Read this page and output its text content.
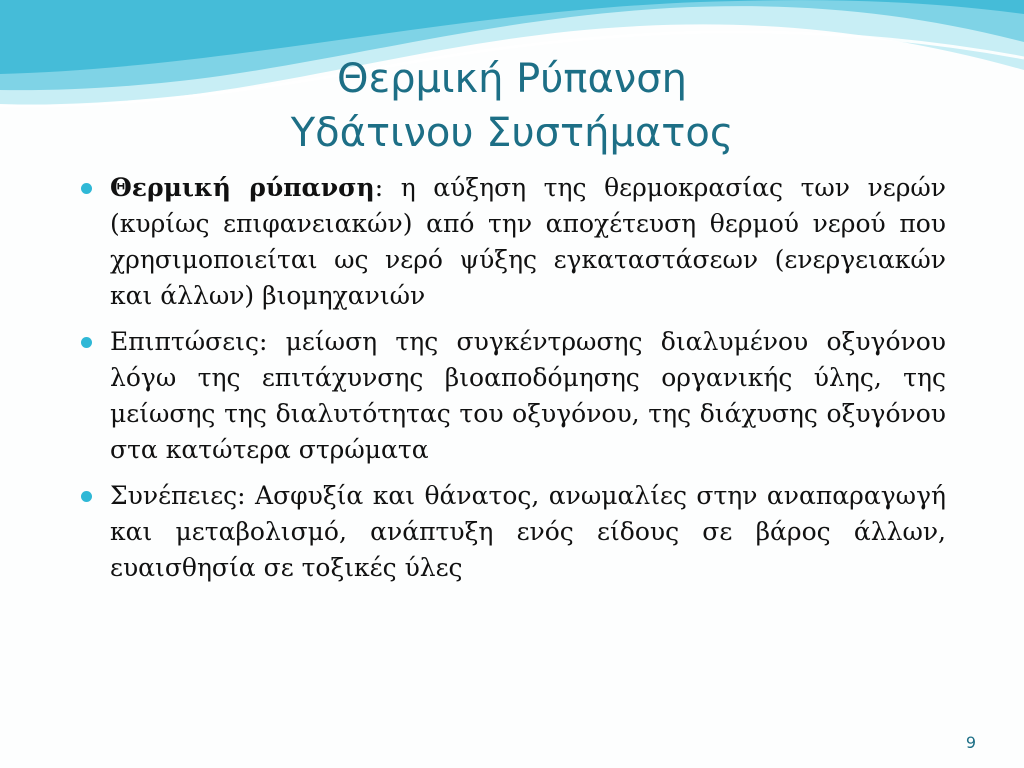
Θερμική Ρύπανση
Υδάτινου Συστήματος
Θερμική ρύπανση: η αύξηση της θερμοκρασίας των νερών (κυρίως επιφανειακών) από την αποχέτευση θερμού νερού που χρησιμοποιείται ως νερό ψύξης εγκαταστάσεων (ενεργειακών και άλλων) βιομηχανιών
Επιπτώσεις: μείωση της συγκέντρωσης διαλυμένου οξυγόνου λόγω της επιτάχυνσης βιοαποδόμησης οργανικής ύλης, της μείωσης της διαλυτότητας του οξυγόνου, της διάχυσης οξυγόνου στα κατώτερα στρώματα
Συνέπειες: Ασφυξία και θάνατος, ανωμαλίες στην αναπαραγωγή και μεταβολισμό, ανάπτυξη ενός είδους σε βάρος άλλων, ευαισθησία σε τοξικές ύλες
9
